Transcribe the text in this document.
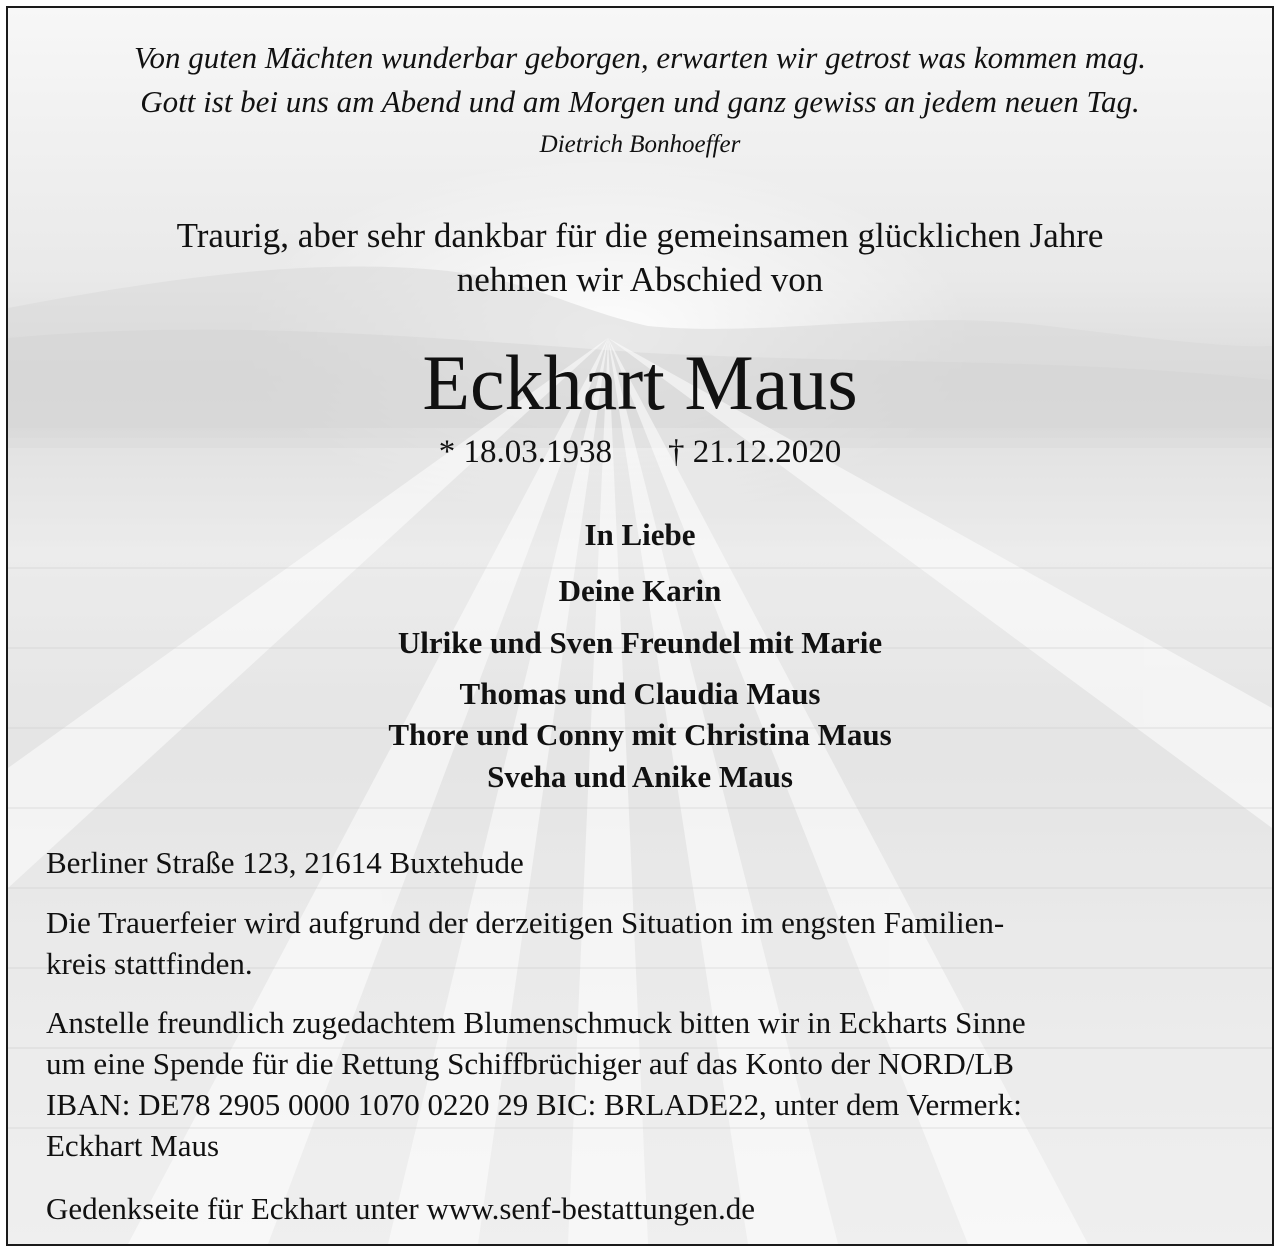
Von guten Mächten wunderbar geborgen, erwarten wir getrost was kommen mag.
Gott ist bei uns am Abend und am Morgen und ganz gewiss an jedem neuen Tag.
Dietrich Bonhoeffer
Traurig, aber sehr dankbar für die gemeinsamen glücklichen Jahre
nehmen wir Abschied von
Eckhart Maus
* 18.03.1938 † 21.12.2020
In Liebe
Deine Karin
Ulrike und Sven Freundel mit Marie
Thomas und Claudia Maus
Thore und Conny mit Christina Maus
Sveha und Anike Maus
Berliner Straße 123, 21614 Buxtehude
Die Trauerfeier wird aufgrund der derzeitigen Situation im engsten Familien-
kreis stattfinden.
Anstelle freundlich zugedachtem Blumenschmuck bitten wir in Eckharts Sinne
um eine Spende für die Rettung Schiffbrüchiger auf das Konto der NORD/LB
IBAN: DE78 2905 0000 1070 0220 29 BIC: BRLADE22, unter dem Vermerk:
Eckhart Maus
Gedenkseite für Eckhart unter www.senf-bestattungen.de
